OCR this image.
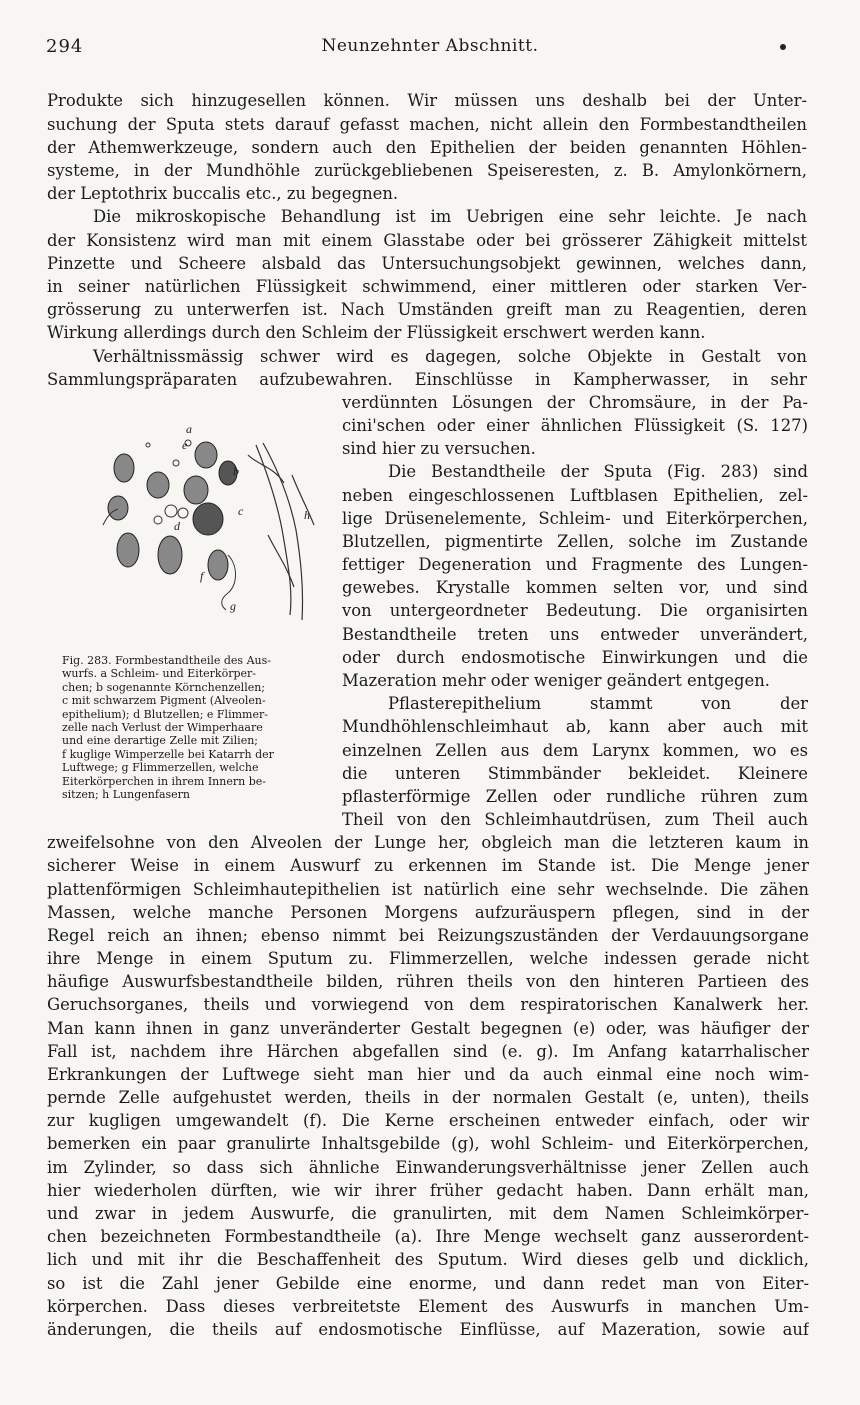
294	Neunzehnter Abschnitt.
Produkte sich hinzugesellen können. Wir müssen uns deshalb bei der Unter-
suchung der Sputa stets darauf gefasst machen, nicht allein den Formbestandtheilen
der Athemwerkzeuge, sondern auch den Epithelien der beiden genannten Höhlen-
systeme, in der Mundhöhle zurückgebliebenen Speiseresten, z. B. Amylonkörnern,
der Leptothrix buccalis etc., zu begegnen.
Die mikroskopische Behandlung ist im Uebrigen eine sehr leichte. Je nach
der Konsistenz wird man mit einem Glasstabe oder bei grösserer Zähigkeit mittelst
Pinzette und Scheere alsbald das Untersuchungsobjekt gewinnen, welches dann,
in seiner natürlichen Flüssigkeit schwimmend, einer mittleren oder starken Ver-
grösserung zu unterwerfen ist. Nach Umständen greift man zu Reagentien, deren
Wirkung allerdings durch den Schleim der Flüssigkeit erschwert werden kann.
Verhältnissmässig schwer wird es dagegen, solche Objekte in Gestalt von
Sammlungspräparaten aufzubewahren. Einschlüsse in Kampherwasser, in sehr
verdünnten Lösungen der Chromsäure, in der Pa-
cini'schen oder einer ähnlichen Flüssigkeit (S. 127)
sind hier zu versuchen.
Die Bestandtheile der Sputa (Fig. 283) sind
neben eingeschlossenen Luftblasen Epithelien, zel-
lige Drüsenelemente, Schleim- und Eiterkörperchen,
Blutzellen, pigmentirte Zellen, solche im Zustande
fettiger Degeneration und Fragmente des Lungen-
gewebes. Krystalle kommen selten vor, und sind
von untergeordneter Bedeutung. Die organisirten
Bestandtheile treten uns entweder unverändert,
oder durch endosmotische Einwirkungen und die
Mazeration mehr oder weniger geändert entgegen.
Pflasterepithelium stammt von der
Mundhöhlenschleimhaut ab, kann aber auch mit
einzelnen Zellen aus dem Larynx kommen, wo es
die unteren Stimmbänder bekleidet. Kleinere
pflasterförmige Zellen oder rundliche rühren zum
Theil von den Schleimhautdrüsen, zum Theil auch
zweifelsohne von den Alveolen der Lunge her, obgleich man die letzteren kaum in
sicherer Weise in einem Auswurf zu erkennen im Stande ist. Die Menge jener
plattenförmigen Schleimhautepithelien ist natürlich eine sehr wechselnde. Die zähen
Massen, welche manche Personen Morgens aufzuräuspern pflegen, sind in der
Regel reich an ihnen; ebenso nimmt bei Reizungszuständen der Verdauungsorgane
ihre Menge in einem Sputum zu. Flimmerzellen, welche indessen gerade nicht
häufige Auswurfsbestandtheile bilden, rühren theils von den hinteren Partieen des
Geruchsorganes, theils und vorwiegend von dem respiratorischen Kanalwerk her.
Man kann ihnen in ganz unveränderter Gestalt begegnen (e) oder, was häufiger der
Fall ist, nachdem ihre Härchen abgefallen sind (e. g). Im Anfang katarrhalischer
Erkrankungen der Luftwege sieht man hier und da auch einmal eine noch wim-
pernde Zelle aufgehustet werden, theils in der normalen Gestalt (e, unten), theils
zur kugligen umgewandelt (f). Die Kerne erscheinen entweder einfach, oder wir
bemerken ein paar granulirte Inhaltsgebilde (g), wohl Schleim- und Eiterkörperchen,
im Zylinder, so dass sich ähnliche Einwanderungsverhältnisse jener Zellen auch
hier wiederholen dürften, wie wir ihrer früher gedacht haben. Dann erhält man,
und zwar in jedem Auswurfe, die granulirten, mit dem Namen Schleimkörper-
chen bezeichneten Formbestandtheile (a). Ihre Menge wechselt ganz ausserordent-
lich und mit ihr die Beschaffenheit des Sputum. Wird dieses gelb und dicklich,
so ist die Zahl jener Gebilde eine enorme, und dann redet man von Eiter-
körperchen. Dass dieses verbreitetste Element des Auswurfs in manchen Um-
änderungen, die theils auf endosmotische Einflüsse, auf Mazeration, sowie auf
a
b
c
d
e
f
g
h

Fig. 283. Formbestandtheile des Aus-

wurfs. a Schleim- und Eiterkörper-

chen; b sogenannte Körnchenzellen;

c mit schwarzem Pigment (Alveolen-

epithelium); d Blutzellen; e Flimmer-

zelle nach Verlust der Wimperhaare

und eine derartige Zelle mit Zilien;

f kuglige Wimperzelle bei Katarrh der

Luftwege; g Flimmerzellen, welche

Eiterkörperchen in ihrem Innern be-

sitzen; h Lungenfasern
